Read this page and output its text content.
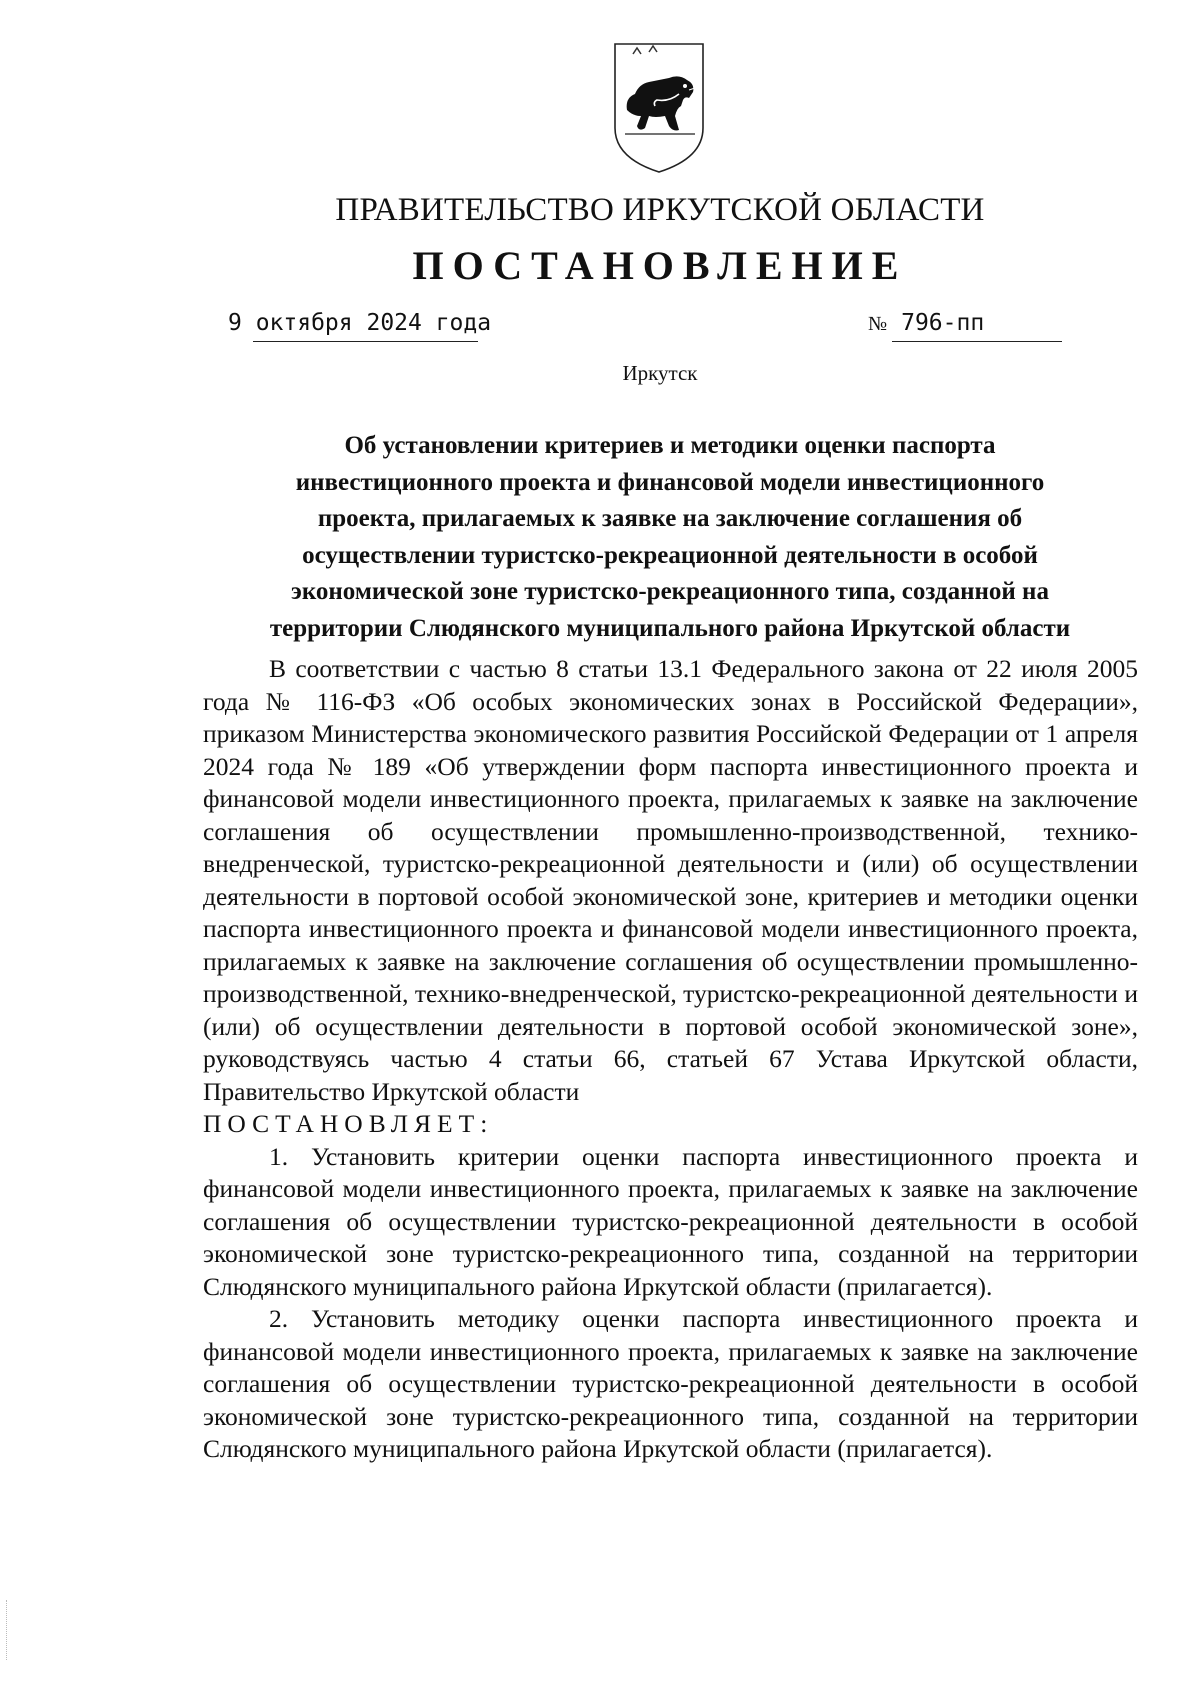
ПРАВИТЕЛЬСТВО ИРКУТСКОЙ ОБЛАСТИ
ПОСТАНОВЛЕНИЕ
9 октября 2024 года	№ 796-пп
Иркутск
Об установлении критериев и методики оценки паспорта
инвестиционного проекта и финансовой модели инвестиционного
проекта, прилагаемых к заявке на заключение соглашения об
осуществлении туристско-рекреационной деятельности в особой
экономической зоне туристско-рекреационного типа, созданной на
территории Слюдянского муниципального района Иркутской области

В соответствии с частью 8 статьи 13.1 Федерального закона от 22 июля 2005 года № 116-ФЗ «Об особых экономических зонах в Российской Федерации», приказом Министерства экономического развития Российской Федерации от 1 апреля 2024 года № 189 «Об утверждении форм паспорта инвестиционного проекта и финансовой модели инвестиционного проекта, прилагаемых к заявке на заключение соглашения об осуществлении промышленно-производственной, технико-внедренческой, туристско-рекреационной деятельности и (или) об осуществлении деятельности в портовой особой экономической зоне, критериев и методики оценки паспорта инвестиционного проекта и финансовой модели инвестиционного проекта, прилагаемых к заявке на заключение соглашения об осуществлении промышленно-производственной, технико-внедренческой, туристско-рекреационной деятельности и (или) об осуществлении деятельности в портовой особой экономической зоне», руководствуясь частью 4 статьи 66, статьей 67 Устава Иркутской области, Правительство Иркутской области

ПОСТАНОВЛЯЕТ:

1. Установить критерии оценки паспорта инвестиционного проекта и финансовой модели инвестиционного проекта, прилагаемых к заявке на заключение соглашения об осуществлении туристско-рекреационной деятельности в особой экономической зоне туристско-рекреационного типа, созданной на территории Слюдянского муниципального района Иркутской области (прилагается).

2. Установить методику оценки паспорта инвестиционного проекта и финансовой модели инвестиционного проекта, прилагаемых к заявке на заключение соглашения об осуществлении туристско-рекреационной деятельности в особой экономической зоне туристско-рекреационного типа, созданной на территории Слюдянского муниципального района Иркутской области (прилагается).
